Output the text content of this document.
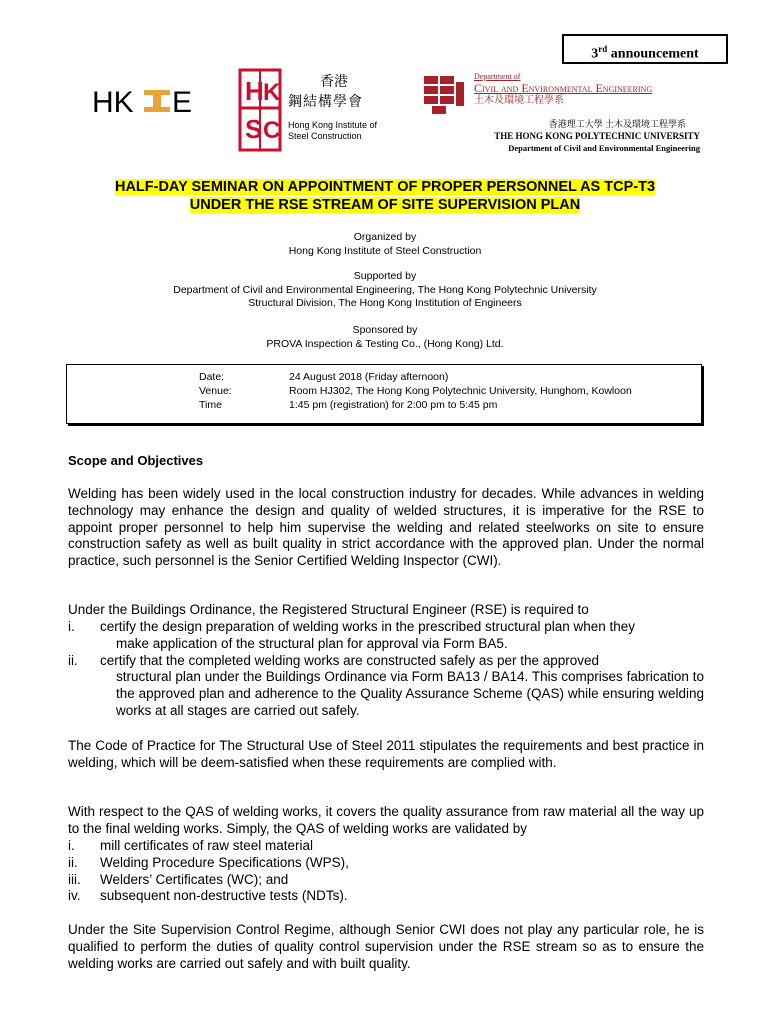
3rd announcement
HK E H K
S C
香港
鋼結構學會
Hong Kong Institute of
Steel Construction
Department of
Civil and Environmental Engineering
土木及環境工程學系
香港理工大學 土木及環境工程學系
THE HONG KONG POLYTECHNIC UNIVERSITY
Department of Civil and Environmental Engineering
HALF-DAY SEMINAR ON APPOINTMENT OF PROPER PERSONNEL AS TCP-T3
UNDER THE RSE STREAM OF SITE SUPERVISION PLAN
Organized by
Hong Kong Institute of Steel Construction
Supported by
Department of Civil and Environmental Engineering, The Hong Kong Polytechnic University
Structural Division, The Hong Kong Institution of Engineers
Sponsored by
PROVA Inspection & Testing Co., (Hong Kong) Ltd.
Date:	24 August 2018 (Friday afternoon)
Venue:	Room HJ302, The Hong Kong Polytechnic University, Hunghom, Kowloon
Time	1:45 pm (registration) for 2:00 pm to 5:45 pm
Scope and Objectives
Welding has been widely used in the local construction industry for decades. While advances in welding technology may enhance the design and quality of welded structures, it is imperative for the RSE to appoint proper personnel to help him supervise the welding and related steelworks on site to ensure construction safety as well as built quality in strict accordance with the approved plan. Under the normal practice, such personnel is the Senior Certified Welding Inspector (CWI).
Under the Buildings Ordinance, the Registered Structural Engineer (RSE) is required to
i. certify the design preparation of welding works in the prescribed structural plan when they
make application of the structural plan for approval via Form BA5.
ii. certify that the completed welding works are constructed safely as per the approved
structural plan under the Buildings Ordinance via Form BA13 / BA14. This comprises fabrication to the approved plan and adherence to the Quality Assurance Scheme (QAS) while ensuring welding works at all stages are carried out safely.
The Code of Practice for The Structural Use of Steel 2011 stipulates the requirements and best practice in welding, which will be deem-satisfied when these requirements are complied with.
With respect to the QAS of welding works, it covers the quality assurance from raw material all the way up to the final welding works. Simply, the QAS of welding works are validated by
i. mill certificates of raw steel material
ii. Welding Procedure Specifications (WPS),
iii. Welders’ Certificates (WC); and
iv. subsequent non-destructive tests (NDTs).
Under the Site Supervision Control Regime, although Senior CWI does not play any particular role, he is qualified to perform the duties of quality control supervision under the RSE stream so as to ensure the welding works are carried out safely and with built quality.
